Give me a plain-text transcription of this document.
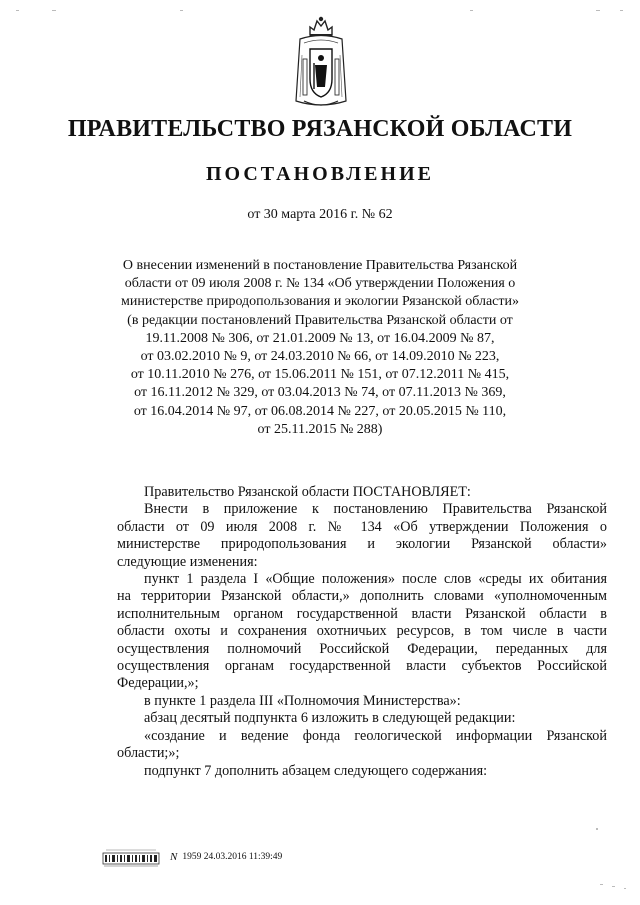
ПРАВИТЕЛЬСТВО РЯЗАНСКОЙ ОБЛАСТИ
ПОСТАНОВЛЕНИЕ
от 30 марта 2016 г. № 62
О внесении изменений в постановление Правительства Рязанской
области от 09 июля 2008 г. № 134 «Об утверждении Положения о
министерстве природопользования и экологии Рязанской области»
(в редакции постановлений Правительства Рязанской области от
19.11.2008 № 306, от 21.01.2009 № 13, от 16.04.2009 № 87,
от 03.02.2010 № 9, от 24.03.2010 № 66, от 14.09.2010 № 223,
от 10.11.2010 № 276, от 15.06.2011 № 151, от 07.12.2011 № 415,
от 16.11.2012 № 329, от 03.04.2013 № 74, от 07.11.2013 № 369,
от 16.04.2014 № 97, от 06.08.2014 № 227, от 20.05.2015 № 110,
от 25.11.2015 № 288)

Правительство Рязанской области ПОСТАНОВЛЯЕТ:

Внести в приложение к постановлению Правительства Рязанской
области от 09 июля 2008 г. № 134 «Об утверждении Положения о
министерстве природопользования и экологии Рязанской области»
следующие изменения:
пункт 1 раздела I «Общие положения» после слов «среды их обитания
на территории Рязанской области,» дополнить словами «уполномоченным
исполнительным органом государственной власти Рязанской области в
области охоты и сохранения охотничьих ресурсов, в том числе в части
осуществления полномочий Российской Федерации, переданных для
осуществления органам государственной власти субъектов Российской
Федерации,»;

в пункте 1 раздела III «Полномочия Министерства»:

абзац десятый подпункта 6 изложить в следующей редакции:

«создание и ведение фонда геологической информации Рязанской
области;»;

подпункт 7 дополнить абзацем следующего содержания:

N 1959 24.03.2016 11:39:49
